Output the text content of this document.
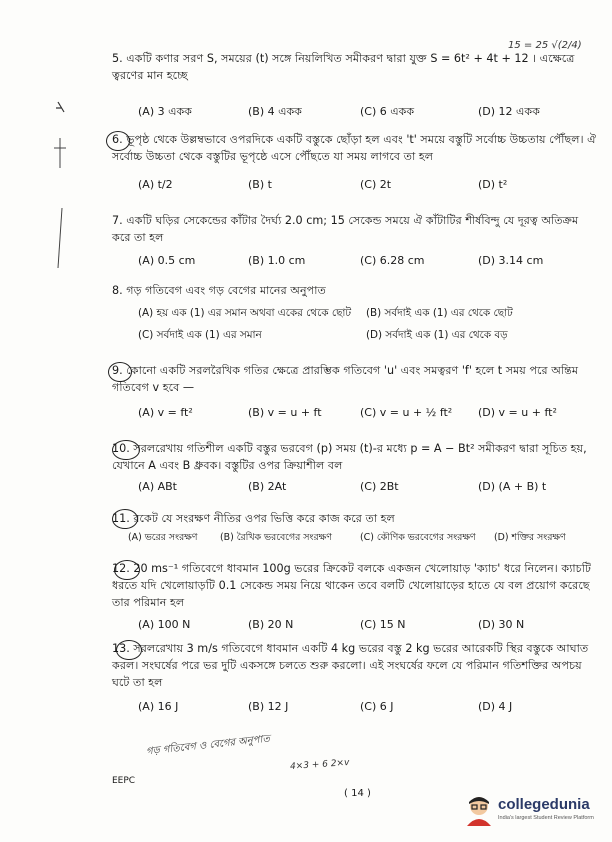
5. একটি কণার সরণ S, সময়ের (t) সঙ্গে নিয়লিখিত সমীকরণ দ্বারা যুক্ত S = 6t² + 4t + 12 । এক্ষেত্রে ত্বরণের মান হচ্ছে
(A) 3 একক	(B) 4 একক	(C) 6 একক	(D) 12 একক
6. ভূপৃষ্ঠ থেকে উল্লম্বভাবে ওপরদিকে একটি বস্তুকে ছোঁড়া হল এবং 't' সময়ে বস্তুটি সর্বোচ্চ উচ্চতায় পৌঁছল। ঐ সর্বোচ্চ উচ্চতা থেকে বস্তুটির ভূপৃষ্ঠে এসে পৌঁছতে যা সময় লাগবে তা হল
(A) t/2	(B) t	(C) 2t	(D) t²
7. একটি ঘড়ির সেকেন্ডের কাঁটার দৈর্ঘ্য 2.0 cm; 15 সেকেন্ড সময়ে ঐ কাঁটাটির শীর্ষবিন্দু যে দূরত্ব অতিক্রম করে তা হল
(A) 0.5 cm	(B) 1.0 cm	(C) 6.28 cm	(D) 3.14 cm
8. গড় গতিবেগ এবং গড় বেগের মানের অনুপাত
(A) হয় এক (1) এর সমান অথবা একের থেকে ছোট (B) সর্বদাই এক (1) এর থেকে ছোট
(C) সর্বদাই এক (1) এর সমান	(D) সর্বদাই এক (1) এর থেকে বড়
9. কোনো একটি সরলরৈখিক গতির ক্ষেত্রে প্রারম্ভিক গতিবেগ 'u' এবং সমত্বরণ 'f' হলে t সময় পরে অন্তিম গতিবেগ v হবে —
(A) v = ft²	(B) v = u + ft	(C) v = u + ½ ft² (D) v = u + ft²
10. সরলরেখায় গতিশীল একটি বস্তুর ভরবেগ (p) সময় (t)-র মধ্যে p = A − Bt² সমীকরণ দ্বারা সূচিত হয়, যেখানে A এবং B ধ্রুবক। বস্তুটির ওপর ক্রিয়াশীল বল
(A) ABt	(B) 2At	(C) 2Bt	(D) (A + B) t
11. রকেট যে সংরক্ষণ নীতির ওপর ভিত্তি করে কাজ করে তা হল
(A) ভরের সংরক্ষণ (B) রৈখিক ভরবেগের সংরক্ষণ	(C) কৌণিক ভরবেগের সংরক্ষণ (D) শক্তির সংরক্ষণ
12. 20 ms⁻¹ গতিবেগে ধাবমান 100g ভরের ক্রিকেট বলকে একজন খেলোয়াড় 'ক্যাচ' ধরে নিলেন। ক্যাচটি ধরতে যদি খেলোয়াড়টি 0.1 সেকেন্ড সময় নিয়ে থাকেন তবে বলটি খেলোয়াড়ের হাতে যে বল প্রয়োগ করেছে তার পরিমান হল
(A) 100 N	(B) 20 N	(C) 15 N	(D) 30 N
13. সরলরেখায় 3 m/s গতিবেগে ধাবমান একটি 4 kg ভরের বস্তু 2 kg ভরের আরেকটি স্থির বস্তুকে আঘাত করল। সংঘর্ষের পরে ভর দুটি একসঙ্গে চলতে শুরু করলো। এই সংঘর্ষের ফলে যে পরিমান গতিশক্তির অপচয় ঘটে তা হল
(A) 16 J	(B) 12 J	(C) 6 J	(D) 4 J
15 = 25 √(2/4)
গড় গতিবেগ ও বেগের অনুপাত
4×3 + 6 2×v
EEPC
( 14 )
collegedunia
India's largest Student Review Platform
